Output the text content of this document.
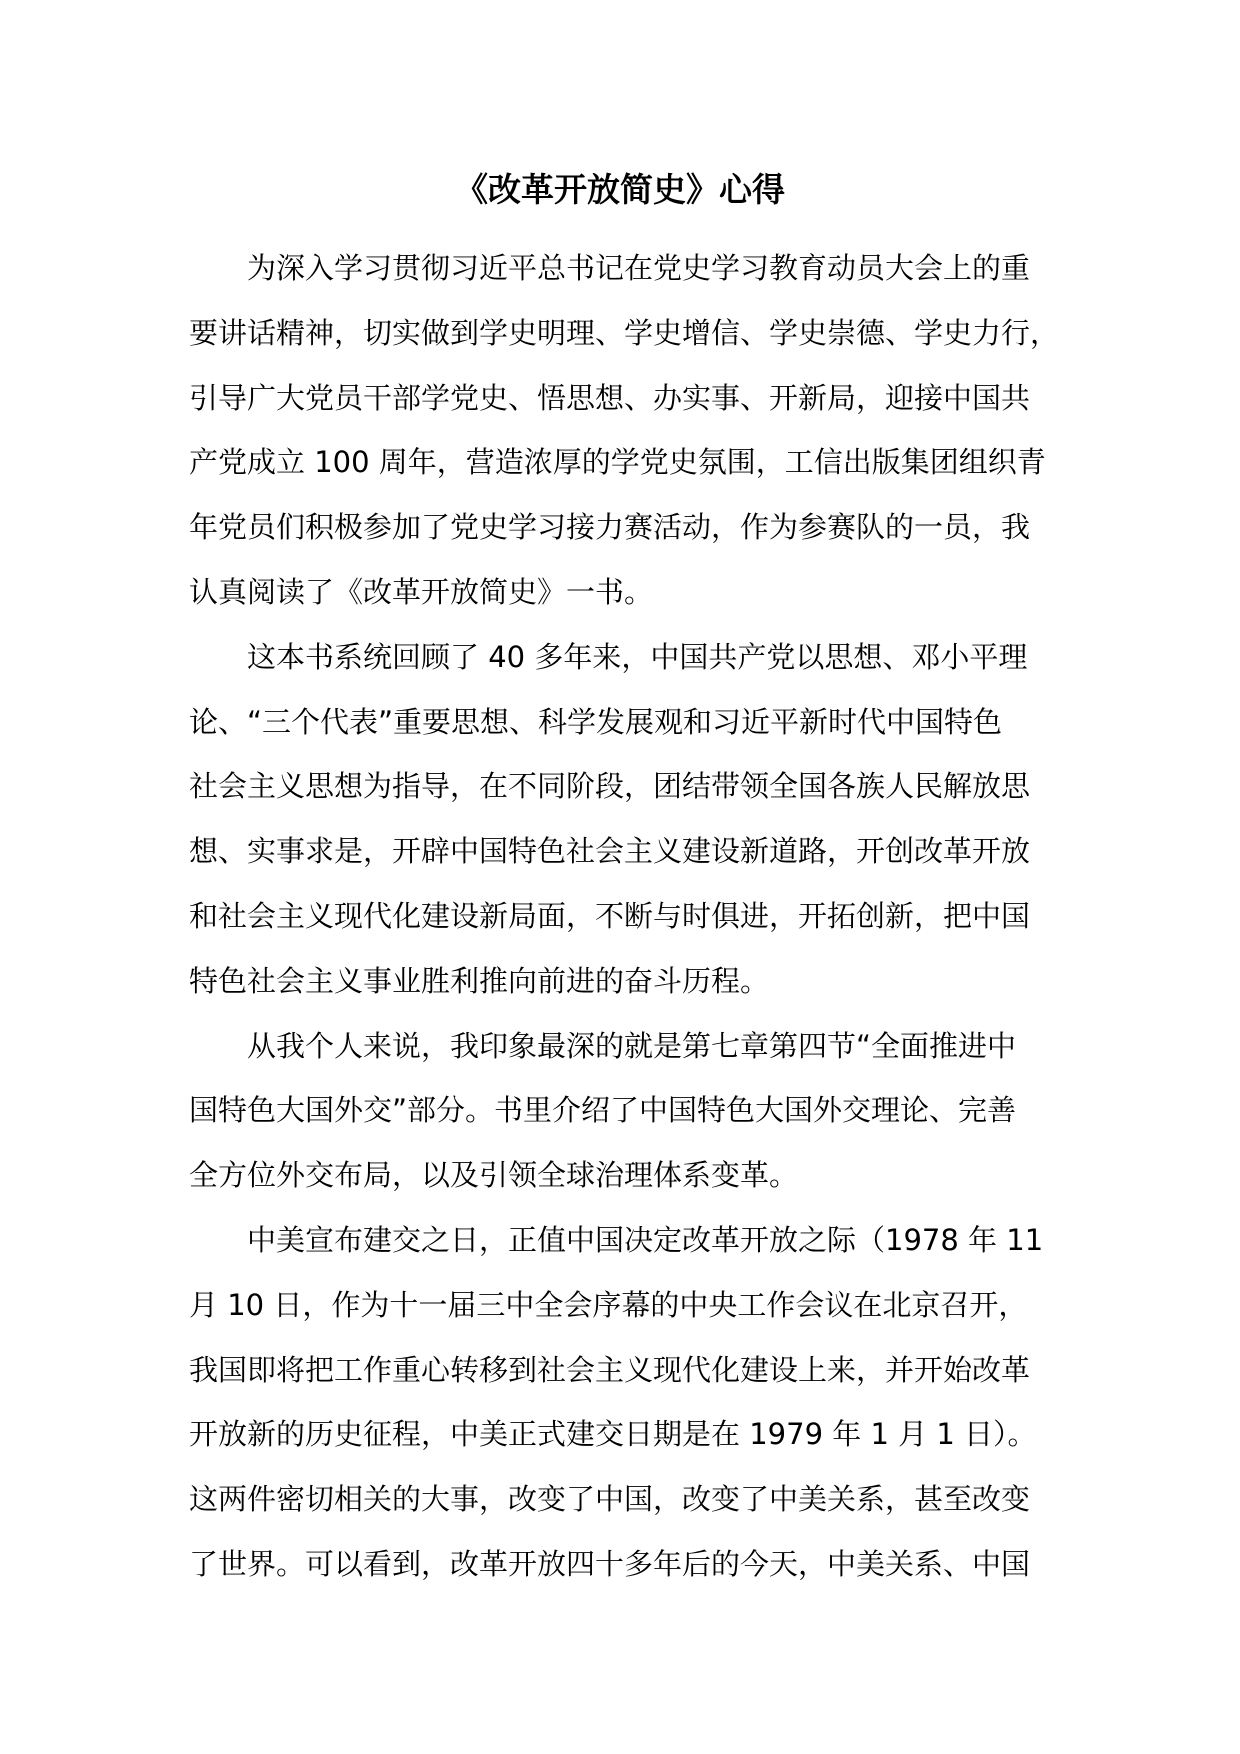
《改革开放简史》心得
为深入学习贯彻习近平总书记在党史学习教育动员大会上的重
要讲话精神，切实做到学史明理、学史增信、学史崇德、学史力行，
引导广大党员干部学党史、悟思想、办实事、开新局，迎接中国共
产党成立 100 周年，营造浓厚的学党史氛围，工信出版集团组织青
年党员们积极参加了党史学习接力赛活动，作为参赛队的一员，我
认真阅读了《改革开放简史》一书。
这本书系统回顾了 40 多年来，中国共产党以思想、邓小平理
论、“三个代表”重要思想、科学发展观和习近平新时代中国特色
社会主义思想为指导，在不同阶段，团结带领全国各族人民解放思
想、实事求是，开辟中国特色社会主义建设新道路，开创改革开放
和社会主义现代化建设新局面，不断与时俱进，开拓创新，把中国
特色社会主义事业胜利推向前进的奋斗历程。
从我个人来说，我印象最深的就是第七章第四节“全面推进中
国特色大国外交”部分。书里介绍了中国特色大国外交理论、完善
全方位外交布局，以及引领全球治理体系变革。
中美宣布建交之日，正值中国决定改革开放之际（1978 年 11
月 10 日，作为十一届三中全会序幕的中央工作会议在北京召开，
我国即将把工作重心转移到社会主义现代化建设上来，并开始改革
开放新的历史征程，中美正式建交日期是在 1979 年 1 月 1 日）。
这两件密切相关的大事，改变了中国，改变了中美关系，甚至改变
了世界。可以看到，改革开放四十多年后的今天，中美关系、中国
